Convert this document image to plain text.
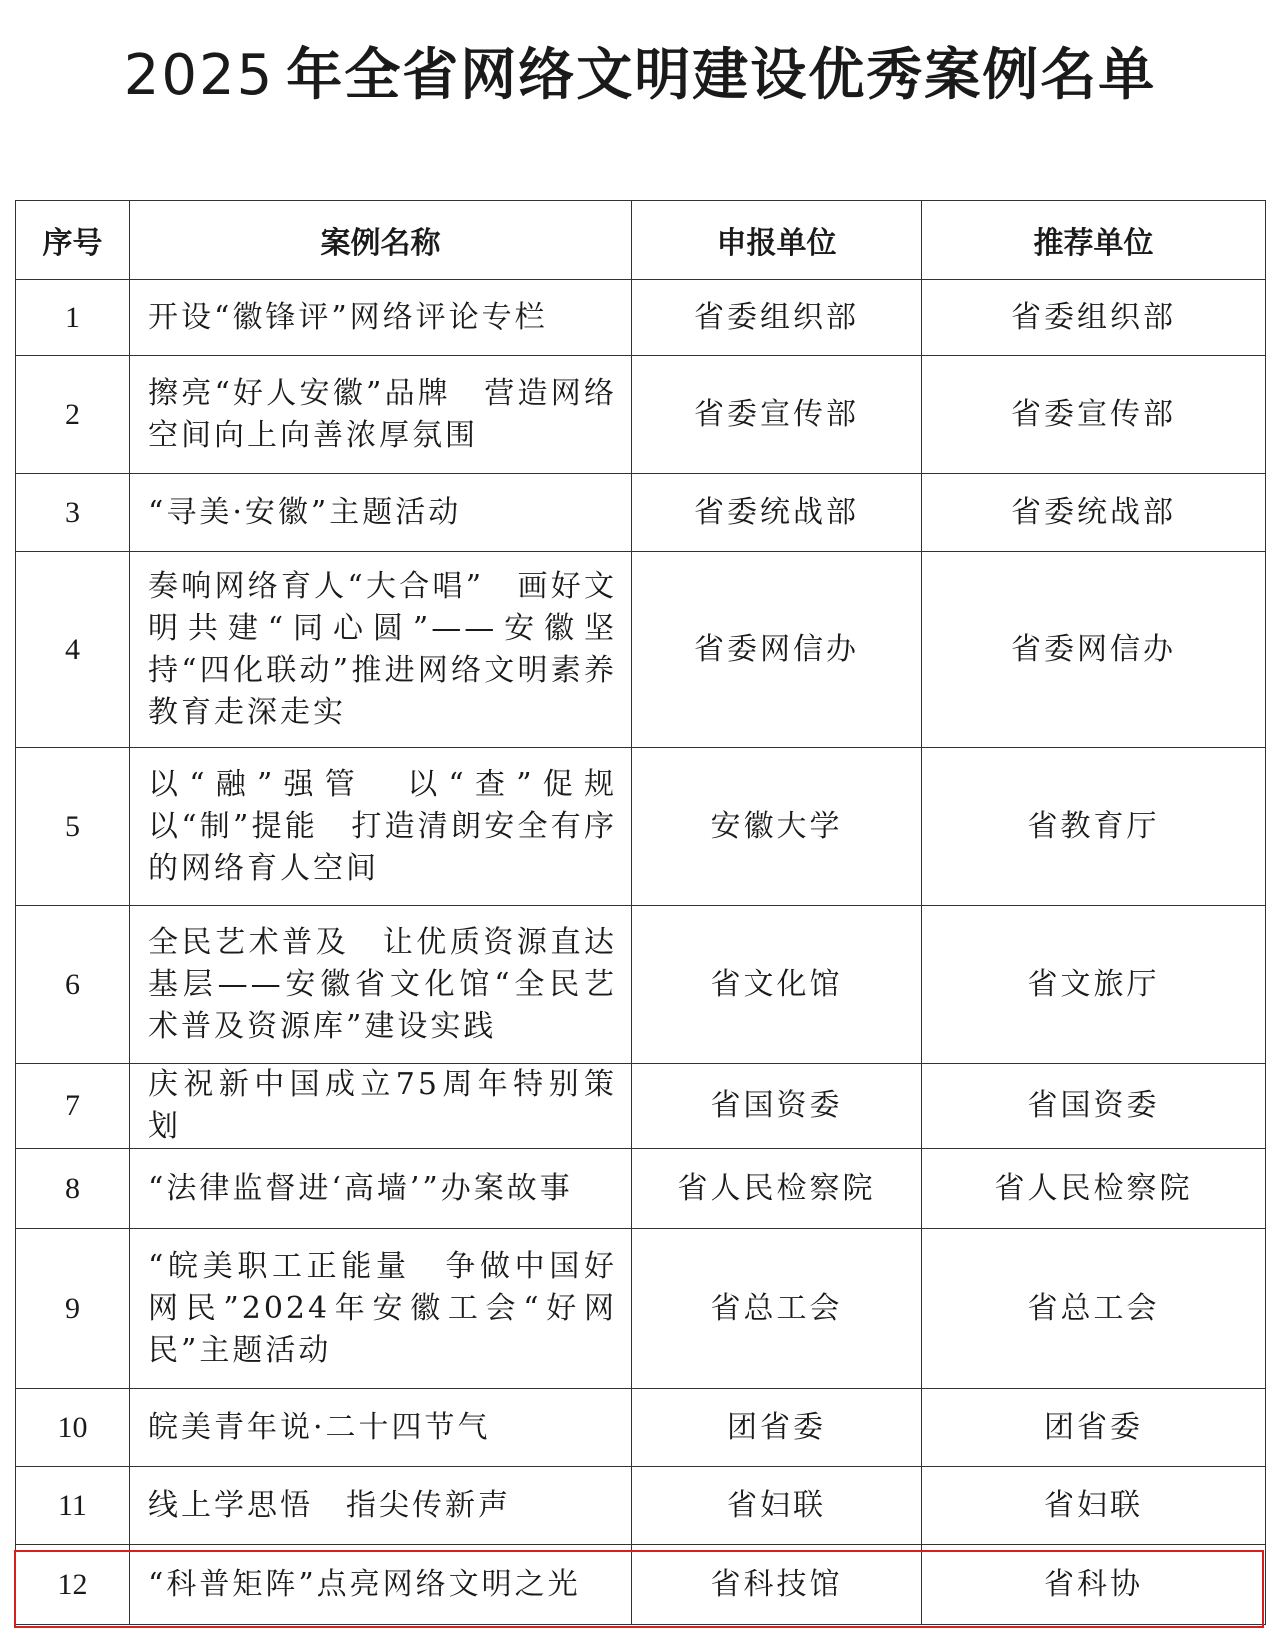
2025 年全省网络文明建设优秀案例名单
序号	案例名称	申报单位	推荐单位
1	开设“徽锋评”网络评论专栏	省委组织部	省委组织部
2	擦亮“好人安徽”品牌　营造网络空间向上向善浓厚氛围	省委宣传部	省委宣传部
3	“寻美·安徽”主题活动	省委统战部	省委统战部
4	奏响网络育人“大合唱”　画好文明共建“同心圆”——安徽坚持“四化联动”推进网络文明素养教育走深走实	省委网信办	省委网信办
5	以“融”强管　以“查”促规　以“制”提能　打造清朗安全有序的网络育人空间	安徽大学	省教育厅
6	全民艺术普及　让优质资源直达基层——安徽省文化馆“全民艺术普及资源库”建设实践	省文化馆	省文旅厅
7	庆祝新中国成立75周年特别策划	省国资委	省国资委
8	“法律监督进‘高墙’”办案故事	省人民检察院	省人民检察院
9	“皖美职工正能量　争做中国好网民”2024年安徽工会“好网民”主题活动	省总工会	省总工会
10	皖美青年说·二十四节气	团省委	团省委
11	线上学思悟　指尖传新声	省妇联	省妇联
12	“科普矩阵”点亮网络文明之光	省科技馆	省科协
